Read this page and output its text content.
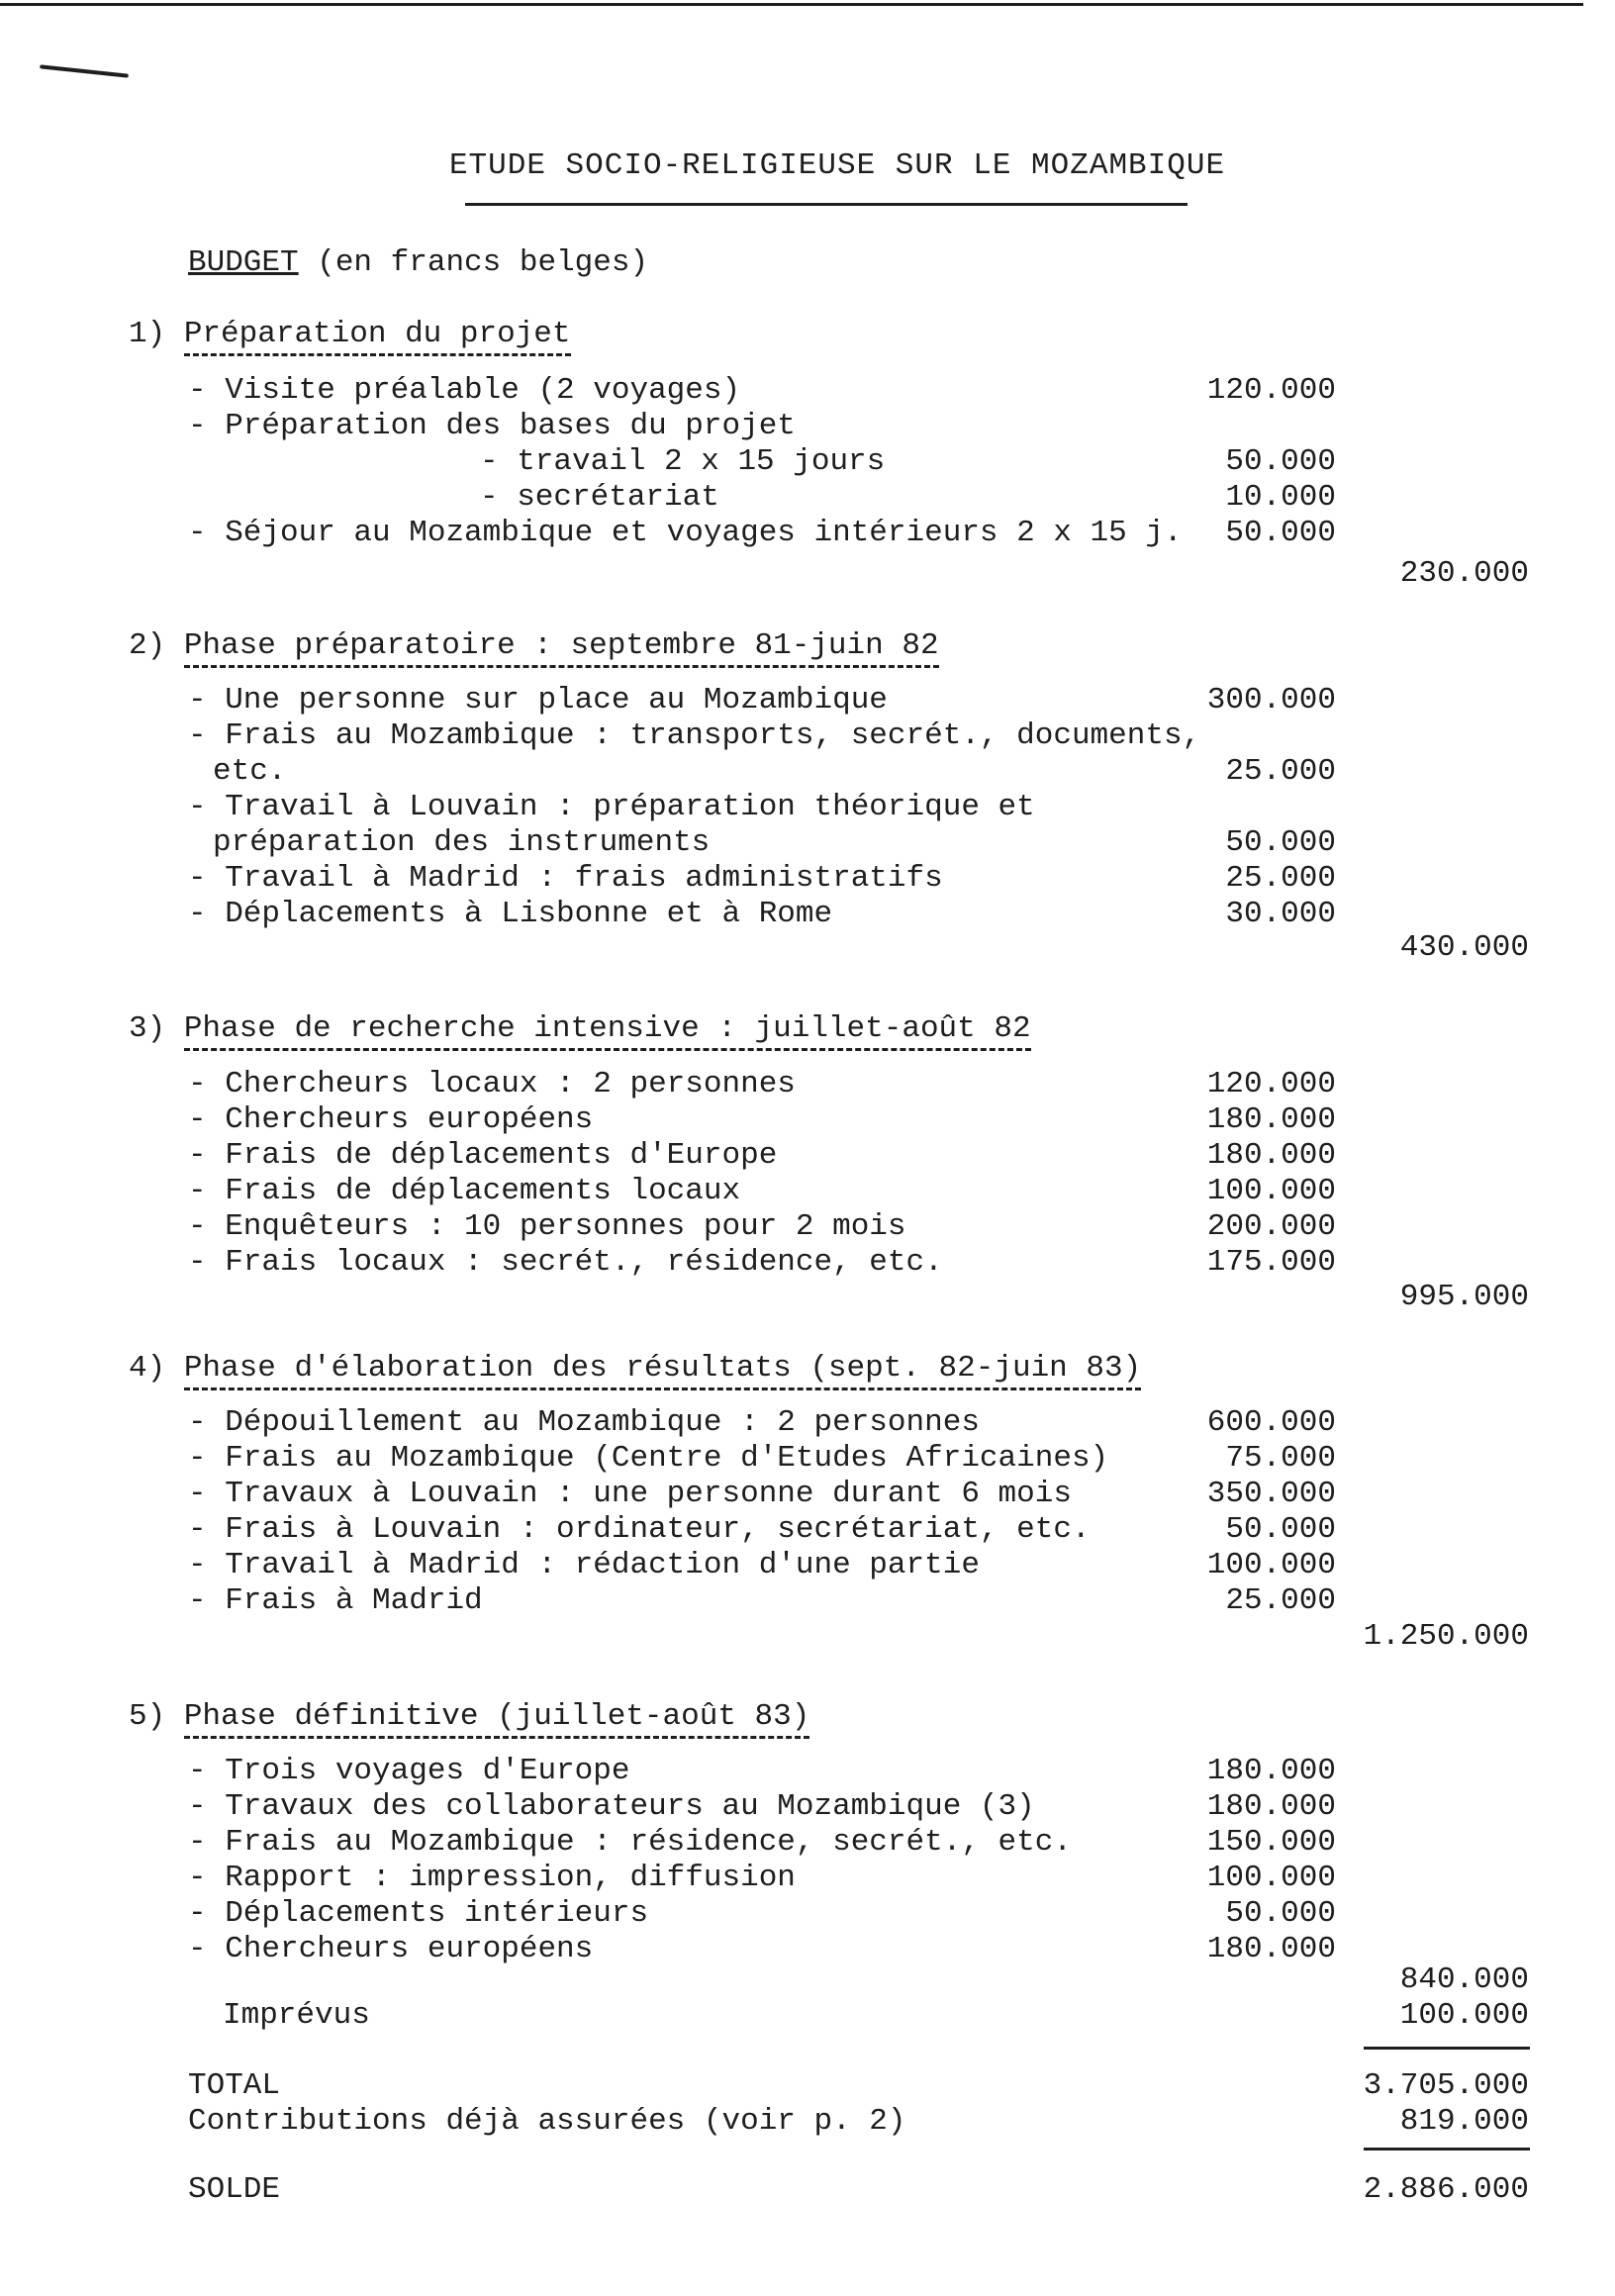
ETUDE SOCIO-RELIGIEUSE SUR LE MOZAMBIQUE
BUDGET (en francs belges)
1) Préparation du projet
- Visite préalable (2 voyages)	120.000
- Préparation des bases du projet
- travail 2 x 15 jours	50.000
- secrétariat	10.000
- Séjour au Mozambique et voyages intérieurs 2 x 15 j.	50.000
230.000
2) Phase préparatoire : septembre 81-juin 82
- Une personne sur place au Mozambique	300.000
- Frais au Mozambique : transports, secrét., documents,
etc.	25.000
- Travail à Louvain : préparation théorique et
préparation des instruments	50.000
- Travail à Madrid : frais administratifs	25.000
- Déplacements à Lisbonne et à Rome	30.000
430.000
3) Phase de recherche intensive : juillet-août 82
- Chercheurs locaux : 2 personnes	120.000
- Chercheurs européens	180.000
- Frais de déplacements d'Europe	180.000
- Frais de déplacements locaux	100.000
- Enquêteurs : 10 personnes pour 2 mois	200.000
- Frais locaux : secrét., résidence, etc.	175.000
995.000
4) Phase d'élaboration des résultats (sept. 82-juin 83)
- Dépouillement au Mozambique : 2 personnes	600.000
- Frais au Mozambique (Centre d'Etudes Africaines)	75.000
- Travaux à Louvain : une personne durant 6 mois	350.000
- Frais à Louvain : ordinateur, secrétariat, etc.	50.000
- Travail à Madrid : rédaction d'une partie	100.000
- Frais à Madrid	25.000
1.250.000
5) Phase définitive (juillet-août 83)
- Trois voyages d'Europe	180.000
- Travaux des collaborateurs au Mozambique (3)	180.000
- Frais au Mozambique : résidence, secrét., etc.	150.000
- Rapport : impression, diffusion	100.000
- Déplacements intérieurs	50.000
- Chercheurs européens	180.000
840.000
Imprévus	100.000
TOTAL	3.705.000
Contributions déjà assurées (voir p. 2)	819.000
SOLDE	2.886.000
